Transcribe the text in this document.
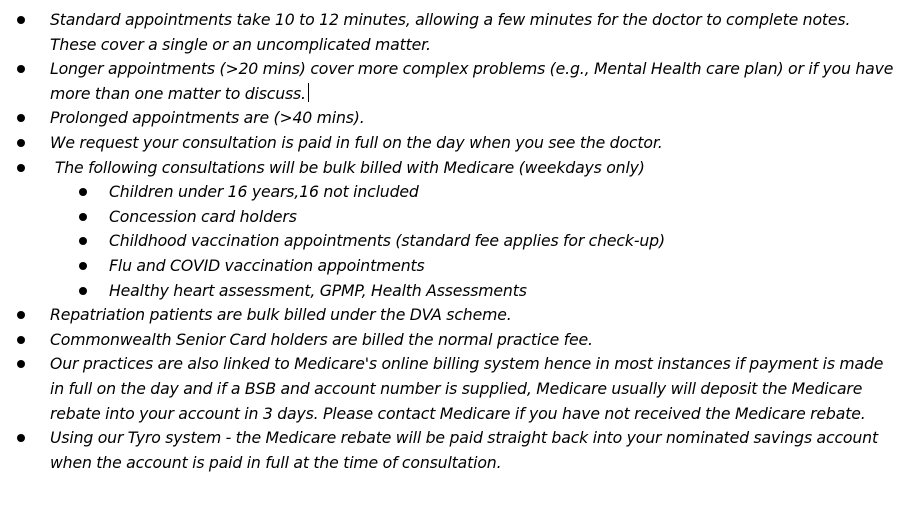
Standard appointments take 10 to 12 minutes, allowing a few minutes for the doctor to complete notes. These cover a single or an uncomplicated matter.
Longer appointments (>20 mins) cover more complex problems (e.g., Mental Health care plan) or if you have more than one matter to discuss.
Prolonged appointments are (>40 mins).
We request your consultation is paid in full on the day when you see the doctor.
The following consultations will be bulk billed with Medicare (weekdays only)
Children under 16 years,16 not included
Concession card holders
Childhood vaccination appointments (standard fee applies for check-up)
Flu and COVID vaccination appointments
Healthy heart assessment, GPMP, Health Assessments
Repatriation patients are bulk billed under the DVA scheme.
Commonwealth Senior Card holders are billed the normal practice fee.
Our practices are also linked to Medicare's online billing system hence in most instances if payment is made in full on the day and if a BSB and account number is supplied, Medicare usually will deposit the Medicare rebate into your account in 3 days. Please contact Medicare if you have not received the Medicare rebate.
Using our Tyro system - the Medicare rebate will be paid straight back into your nominated savings account when the account is paid in full at the time of consultation.
